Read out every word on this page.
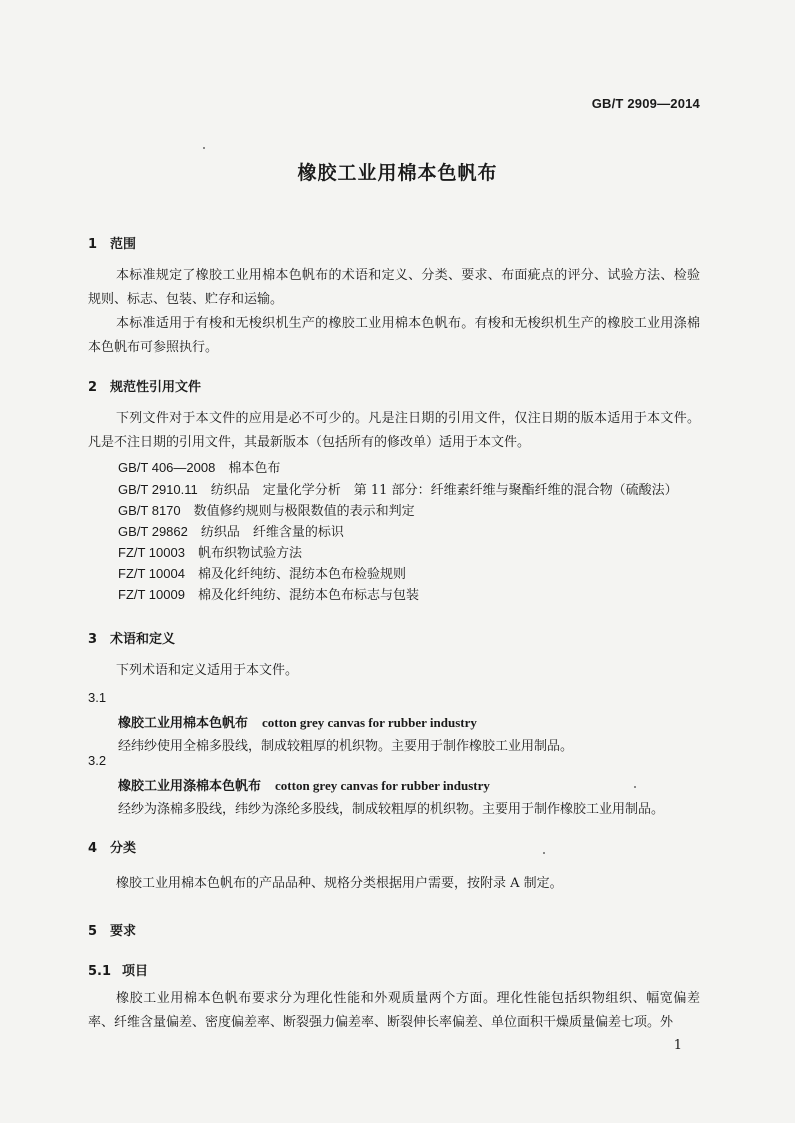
GB/T 2909—2014
橡胶工业用棉本色帆布
1 范围
本标准规定了橡胶工业用棉本色帆布的术语和定义、分类、要求、布面疵点的评分、试验方法、检验规则、标志、包装、贮存和运输。
本标准适用于有梭和无梭织机生产的橡胶工业用棉本色帆布。有梭和无梭织机生产的橡胶工业用涤棉本色帆布可参照执行。
2 规范性引用文件
下列文件对于本文件的应用是必不可少的。凡是注日期的引用文件，仅注日期的版本适用于本文件。凡是不注日期的引用文件，其最新版本（包括所有的修改单）适用于本文件。
GB/T 406—2008　 棉本色布
GB/T 2910.11　 纺织品　定量化学分析　第 11 部分：纤维素纤维与聚酯纤维的混合物（硫酸法）
GB/T 8170　 数值修约规则与极限数值的表示和判定
GB/T 29862　 纺织品　纤维含量的标识
FZ/T 10003　 帆布织物试验方法
FZ/T 10004　 棉及化纤纯纺、混纺本色布检验规则
FZ/T 10009　 棉及化纤纯纺、混纺本色布标志与包装
3 术语和定义
下列术语和定义适用于本文件。
3.1
橡胶工业用棉本色帆布 cotton grey canvas for rubber industry
经纬纱使用全棉多股线，制成较粗厚的机织物。主要用于制作橡胶工业用制品。
3.2
橡胶工业用涤棉本色帆布 cotton grey canvas for rubber industry
经纱为涤棉多股线，纬纱为涤纶多股线，制成较粗厚的机织物。主要用于制作橡胶工业用制品。
4 分类
橡胶工业用棉本色帆布的产品品种、规格分类根据用户需要，按附录 A 制定。
5 要求
5.1 项目
橡胶工业用棉本色帆布要求分为理化性能和外观质量两个方面。理化性能包括织物组织、幅宽偏差率、纤维含量偏差、密度偏差率、断裂强力偏差率、断裂伸长率偏差、单位面积干燥质量偏差七项。外
1
